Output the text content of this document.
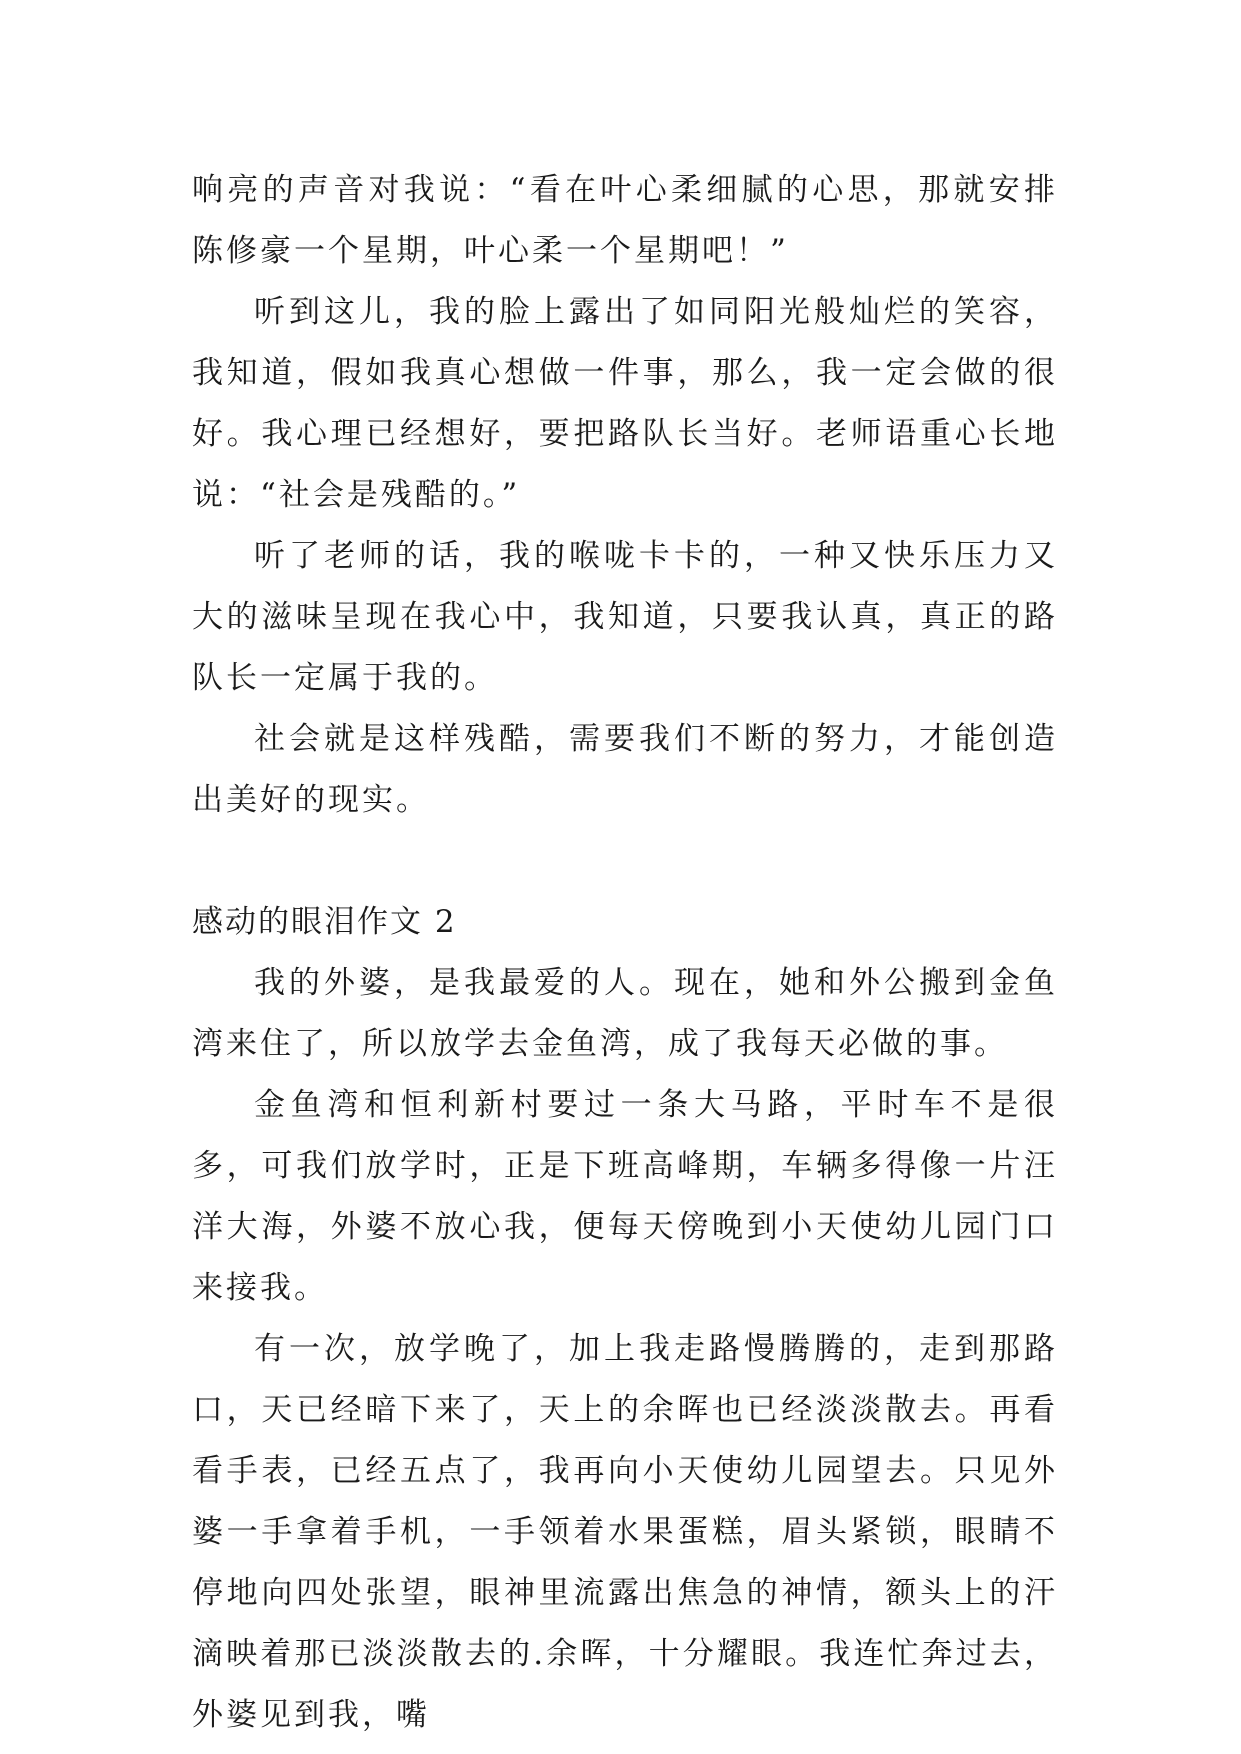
响亮的声音对我说：“看在叶心柔细腻的心思，那就安排陈修豪一个星期，叶心柔一个星期吧！”

听到这儿，我的脸上露出了如同阳光般灿烂的笑容，我知道，假如我真心想做一件事，那么，我一定会做的很好。我心理已经想好，要把路队长当好。老师语重心长地说：“社会是残酷的。”

听了老师的话，我的喉咙卡卡的，一种又快乐压力又大的滋味呈现在我心中，我知道，只要我认真，真正的路队长一定属于我的。

社会就是这样残酷，需要我们不断的努力，才能创造出美好的现实。

感动的眼泪作文 2

我的外婆，是我最爱的人。现在，她和外公搬到金鱼湾来住了，所以放学去金鱼湾，成了我每天必做的事。

金鱼湾和恒利新村要过一条大马路，平时车不是很多，可我们放学时，正是下班高峰期，车辆多得像一片汪洋大海，外婆不放心我，便每天傍晚到小天使幼儿园门口来接我。

有一次，放学晚了，加上我走路慢腾腾的，走到那路口，天已经暗下来了，天上的余晖也已经淡淡散去。再看看手表，已经五点了，我再向小天使幼儿园望去。只见外婆一手拿着手机，一手领着水果蛋糕，眉头紧锁，眼睛不停地向四处张望，眼神里流露出焦急的神情，额头上的汗滴映着那已淡淡散去的.余晖，十分耀眼。我连忙奔过去，外婆见到我，嘴
